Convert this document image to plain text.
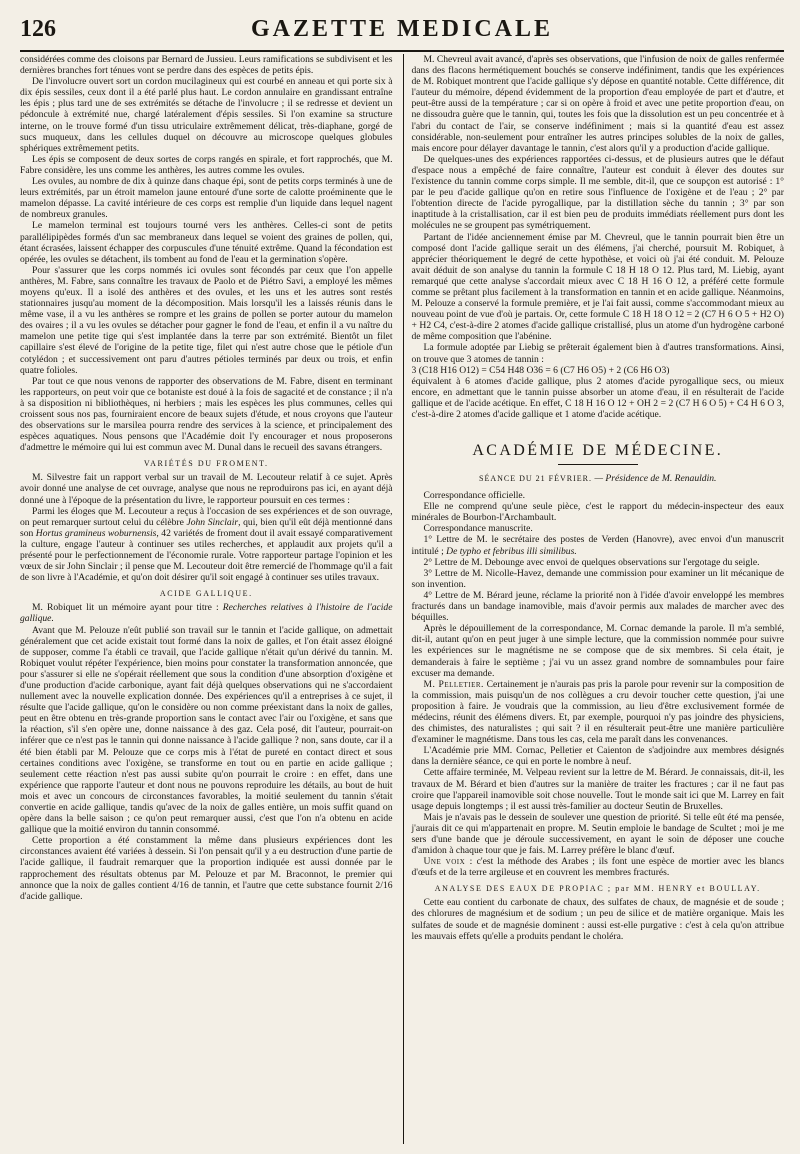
126	GAZETTE MEDICALE

considérées comme des cloisons par Bernard de Jussieu. Leurs ramifications se subdivisent et les dernières branches fort ténues vont se perdre dans des espèces de petits épis.

De l'involucre ouvert sort un cordon mucilagineux qui est courbé en anneau et qui porte six à dix épis sessiles, ceux dont il a été parlé plus haut. Le cordon annulaire en grandissant entraîne les épis ; plus tard une de ses extrémités se détache de l'involucre ; il se redresse et devient un pédoncule à extrémité nue, chargé latéralement d'épis sessiles. Si l'on examine sa structure interne, on le trouve formé d'un tissu utriculaire extrêmement délicat, très-diaphane, gorgé de sucs muqueux, dans les cellules duquel on découvre au microscope quelques globules sphériques extrêmement petits.

Les épis se composent de deux sortes de corps rangés en spirale, et fort rapprochés, que M. Fabre considère, les uns comme les anthères, les autres comme les ovules.

Les ovules, au nombre de dix à quinze dans chaque épi, sont de petits corps terminés à une de leurs extrémités, par un étroit mamelon jaune entouré d'une sorte de calotte proéminente que le mamelon dépasse. La cavité intérieure de ces corps est remplie d'un liquide dans lequel nagent de nombreux granules.

Le mamelon terminal est toujours tourné vers les anthères. Celles-ci sont de petits parallélipipèdes formés d'un sac membraneux dans lequel se voient des graines de pollen, qui, étant écrasées, laissent échapper des corpuscules d'une ténuité extrême. Quand la fécondation est opérée, les ovules se détachent, ils tombent au fond de l'eau et la germination s'opère.

Pour s'assurer que les corps nommés ici ovules sont fécondés par ceux que l'on appelle anthères, M. Fabre, sans connaître les travaux de Paolo et de Piétro Savi, a employé les mêmes moyens qu'eux. Il a isolé des anthères et des ovules, et les uns et les autres sont restés stationnaires jusqu'au moment de la décomposition. Mais lorsqu'il les a laissés réunis dans le même vase, il a vu les anthères se rompre et les grains de pollen se porter autour du mamelon des ovaires ; il a vu les ovules se détacher pour gagner le fond de l'eau, et enfin il a vu naître du mamelon une petite tige qui s'est implantée dans la terre par son extrémité. Bientôt un filet capillaire s'est élevé de l'origine de la petite tige, filet qui n'est autre chose que le pétiole d'un cotylédon ; et successivement ont paru d'autres pétioles terminés par deux ou trois, et enfin quatre folioles.

Par tout ce que nous venons de rapporter des observations de M. Fabre, disent en terminant les rapporteurs, on peut voir que ce botaniste est doué à la fois de sagacité et de constance ; il n'a à sa disposition ni bibliothèques, ni herbiers ; mais les espèces les plus communes, celles qui croissent sous nos pas, fourniraient encore de beaux sujets d'étude, et nous croyons que l'auteur des observations sur le marsilea pourra rendre des services à la science, et principalement des espèces aquatiques. Nous pensons que l'Académie doit l'y encourager et nous proposerons d'admettre le mémoire qui lui est commun avec M. Dunal dans le recueil des savans étrangers.

VARIÉTÉS DU FROMENT.

M. Silvestre fait un rapport verbal sur un travail de M. Lecouteur relatif à ce sujet. Après avoir donné une analyse de cet ouvrage, analyse que nous ne reproduirons pas ici, en ayant déjà donné une à l'époque de la présentation du livre, le rapporteur poursuit en ces termes :

Parmi les éloges que M. Lecouteur a reçus à l'occasion de ses expériences et de son ouvrage, on peut remarquer surtout celui du célèbre John Sinclair, qui, bien qu'il eût déjà mentionné dans son Hortus gramineus woburnensis, 42 variétés de froment dout il avait essayé comparativement la culture, engage l'auteur à continuer ses utiles recherches, et applaudit aux projets qu'il a présenté pour le perfectionnement de l'économie rurale. Votre rapporteur partage l'opinion et les vœux de sir John Sinclair ; il pense que M. Lecouteur doit être remercié de l'hommage qu'il a fait de son livre à l'Académie, et qu'on doit désirer qu'il soit engagé à continuer ses utiles travaux.

ACIDE GALLIQUE.

M. Robiquet lit un mémoire ayant pour titre : Recherches relatives à l'histoire de l'acide gallique.

Avant que M. Pelouze n'eût publié son travail sur le tannin et l'acide gallique, on admettait généralement que cet acide existait tout formé dans la noix de galles, et l'on était assez éloigné de supposer, comme l'a établi ce travail, que l'acide gallique n'était qu'un dérivé du tannin. M. Robiquet voulut répéter l'expérience, bien moins pour constater la transformation annoncée, que pour s'assurer si elle ne s'opérait réellement que sous la condition d'une absorption d'oxigène et d'une production d'acide carbonique, ayant fait déjà quelques observations qui ne s'accordaient nullement avec la nouvelle explication donnée. Des expériences qu'il a entreprises à ce sujet, il résulte que l'acide gallique, qu'on le considère ou non comme préexistant dans la noix de galles, peut en être obtenu en très-grande proportion sans le contact avec l'air ou l'oxigène, et sans que la réaction, s'il s'en opère une, donne naissance à des gaz. Cela posé, dit l'auteur, pourrait-on inférer que ce n'est pas le tannin qui donne naissance à l'acide gallique ? non, sans doute, car il a été bien établi par M. Pelouze que ce corps mis à l'état de pureté en contact direct et sous certaines conditions avec l'oxigène, se transforme en tout ou en partie en acide gallique ; seulement cette réaction n'est pas aussi subite qu'on pourrait le croire : en effet, dans une expérience que rapporte l'auteur et dont nous ne pouvons reproduire les détails, au bout de huit mois et avec un concours de circonstances favorables, la moitié seulement du tannin s'était convertie en acide gallique, tandis qu'avec de la noix de galles entière, un mois suffit quand on opère dans la belle saison ; ce qu'on peut remarquer aussi, c'est que l'on n'a obtenu en acide gallique que la moitié environ du tannin consommé.

Cette proportion a été constamment la même dans plusieurs expériences dont les circonstances avaient été variées à dessein. Si l'on pensait qu'il y a eu destruction d'une partie de l'acide gallique, il faudrait remarquer que la proportion indiquée est aussi donnée par le rapprochement des résultats obtenus par M. Pelouze et par M. Braconnot, le premier qui annonce que la noix de galles contient 4/16 de tannin, et l'autre que cette substance fournit 2/16 d'acide gallique.

M. Chevreul avait avancé, d'après ses observations, que l'infusion de noix de galles renfermée dans des flacons hermétiquement bouchés se conserve indéfiniment, tandis que les expériences de M. Robiquet montrent que l'acide gallique s'y dépose en quantité notable. Cette différence, dit l'auteur du mémoire, dépend évidemment de la proportion d'eau employée de part et d'autre, et peut-être aussi de la température ; car si on opère à froid et avec une petite proportion d'eau, on ne dissoudra guère que le tannin, qui, toutes les fois que la dissolution est un peu concentrée et à l'abri du contact de l'air, se conserve indéfiniment ; mais si la quantité d'eau est assez considérable, non-seulement pour entraîner les autres principes solubles de la noix de galles, mais encore pour délayer davantage le tannin, c'est alors qu'il y a production d'acide gallique.

De quelques-unes des expériences rapportées ci-dessus, et de plusieurs autres que le défaut d'espace nous a empêché de faire connaître, l'auteur est conduit à élever des doutes sur l'existence du tannin comme corps simple. Il me semble, dit-il, que ce soupçon est autorisé : 1° par le peu d'acide gallique qu'on en retire sous l'influence de l'oxigène et de l'eau ; 2° par l'obtention directe de l'acide pyrogallique, par la distillation sèche du tannin ; 3° par son inaptitude à la cristallisation, car il est bien peu de produits immédiats réellement purs dont les molécules ne se groupent pas symétriquement.

Partant de l'idée anciennement émise par M. Chevreul, que le tannin pourrait bien être un composé dont l'acide gallique serait un des élémens, j'ai cherché, poursuit M. Robiquet, à apprécier théoriquement le degré de cette hypothèse, et voici où j'ai été conduit. M. Pelouze avait déduit de son analyse du tannin la formule C 18 H 18 O 12. Plus tard, M. Liebig, ayant remarqué que cette analyse s'accordait mieux avec C 18 H 16 O 12, a préféré cette formule comme se prêtant plus facilement à la transformation en tannin et en acide gallique. Néanmoins, M. Pelouze a conservé la formule première, et je l'ai fait aussi, comme s'accommodant mieux au nouveau point de vue d'où je partais. Or, cette formule C 18 H 18 O 12 = 2 (C7 H 6 O 5 + H2 O) + H2 C4, c'est-à-dire 2 atomes d'acide gallique cristallisé, plus un atome d'un hydrogène carboné de même composition que l'abénine.

La formule adoptée par Liebig se prêterait également bien à d'autres transformations. Ainsi, on trouve que 3 atomes de tannin :

3 (C18 H16 O12) = C54 H48 O36 = 6 (C7 H6 O5) + 2 (C6 H6 O3)

équivalent à 6 atomes d'acide gallique, plus 2 atomes d'acide pyrogallique secs, ou mieux encore, en admettant que le tannin puisse absorber un atome d'eau, il en résulterait de l'acide gallique et de l'acide acétique. En effet, C 18 H 16 O 12 + OH 2 = 2 (C7 H 6 O 5) + C4 H 6 O 3, c'est-à-dire 2 atomes d'acide gallique et 1 atome d'acide acétique.

ACADÉMIE DE MÉDECINE.
SÉANCE DU 21 FÉVRIER. — Présidence de M. Renauldin.

Correspondance officielle.

Elle ne comprend qu'une seule pièce, c'est le rapport du médecin-inspecteur des eaux minérales de Bourbon-l'Archambault.

Correspondance manuscrite.

1° Lettre de M. le secrétaire des postes de Verden (Hanovre), avec envoi d'un manuscrit intitulé ; De typho et febribus illi similibus.

2° Lettre de M. Debounge avec envoi de quelques observations sur l'ergotage du seigle.

3° Lettre de M. Nicolle-Havez, demande une commission pour examiner un lit mécanique de son invention.

4° Lettre de M. Bérard jeune, réclame la priorité non à l'idée d'avoir enveloppé les membres fracturés dans un bandage inamovible, mais d'avoir permis aux malades de marcher avec des béquilles.

Après le dépouillement de la correspondance, M. Cornac demande la parole. Il m'a semblé, dit-il, autant qu'on en peut juger à une simple lecture, que la commission nommée pour suivre les expériences sur le magnétisme ne se compose que de six membres. Si cela était, je demanderais à faire le septième ; j'ai vu un assez grand nombre de somnambules pour faire excuser ma demande.

M. Pelletier. Certainement je n'aurais pas pris la parole pour revenir sur la composition de la commission, mais puisqu'un de nos collègues a cru devoir toucher cette question, j'ai une proposition à faire. Je voudrais que la commission, au lieu d'être exclusivement formée de médecins, réunit des élémens divers. Et, par exemple, pourquoi n'y pas joindre des physiciens, des chimistes, des naturalistes ; qui sait ? il en résulterait peut-être une manière particulière d'examiner le magnétisme. Dans tous les cas, cela me paraît dans les convenances.

L'Académie prie MM. Cornac, Pelletier et Caienton de s'adjoindre aux membres désignés dans la dernière séance, ce qui en porte le nombre à neuf.

Cette affaire terminée, M. Velpeau revient sur la lettre de M. Bérard. Je connaissais, dit-il, les travaux de M. Bérard et bien d'autres sur la manière de traiter les fractures ; car il ne faut pas croire que l'appareil inamovible soit chose nouvelle. Tout le monde sait ici que M. Larrey en fait usage depuis longtemps ; il est aussi très-familier au docteur Seutin de Bruxelles.

Mais je n'avais pas le dessein de soulever une question de priorité. Si telle eût été ma pensée, j'aurais dit ce qui m'appartenait en propre. M. Seutin emploie le bandage de Scultet ; moi je me sers d'une bande que je déroule successivement, en ayant le soin de déposer une couche d'amidon à chaque tour que je fais. M. Larrey préfère le blanc d'œuf.

Une voix : c'est la méthode des Arabes ; ils font une espèce de mortier avec les blancs d'œufs et de la terre argileuse et en couvrent les membres fracturés.

ANALYSE DES EAUX DE PROPIAC ; par MM. HENRY et BOULLAY.

Cette eau contient du carbonate de chaux, des sulfates de chaux, de magnésie et de soude ; des chlorures de magnésium et de sodium ; un peu de silice et de matière organique. Mais les sulfates de soude et de magnésie dominent : aussi est-elle purgative : c'est à cela qu'on attribue les mauvais effets qu'elle a produits pendant le choléra.
